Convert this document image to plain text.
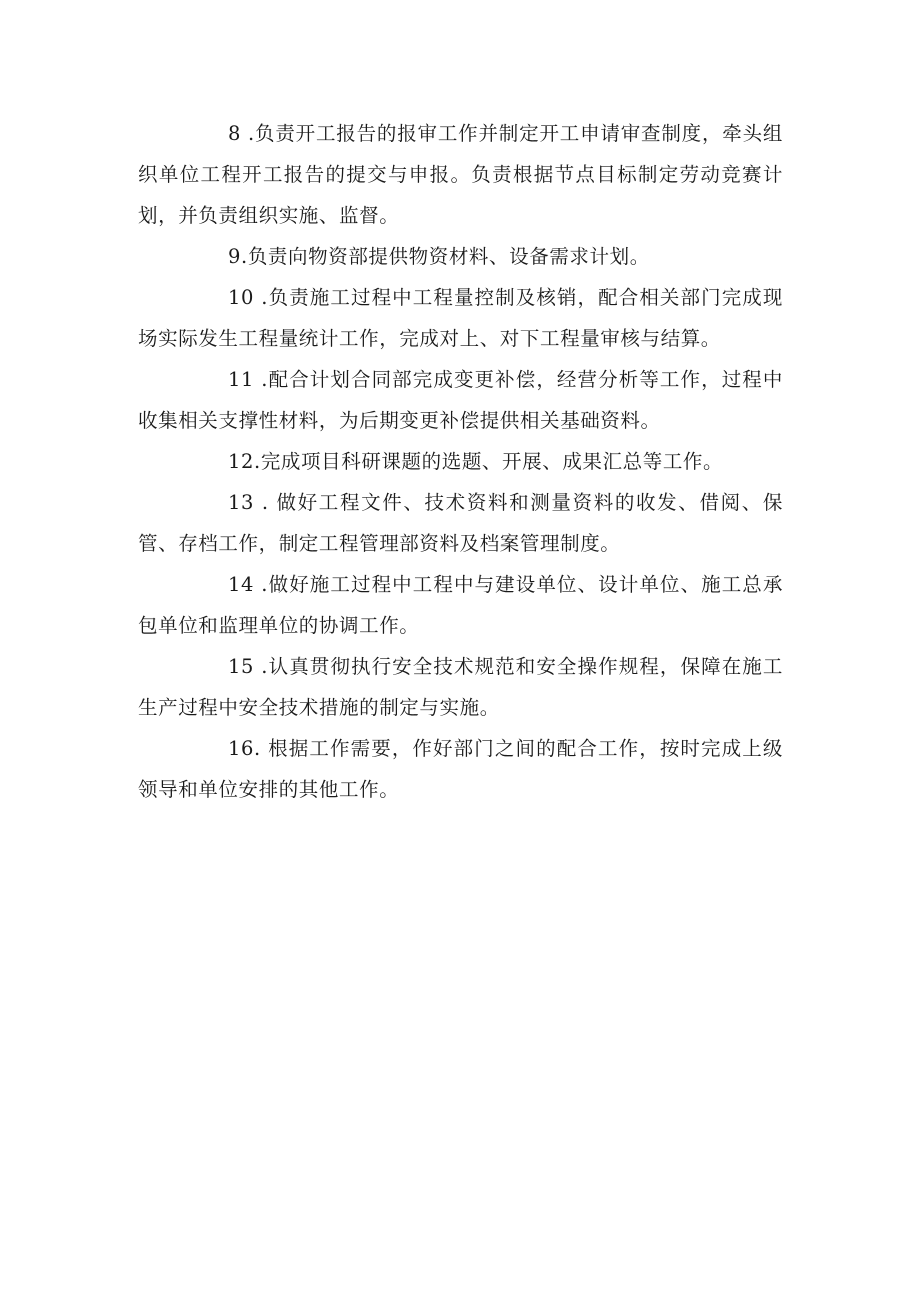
8 .负责开工报告的报审工作并制定开工申请审查制度，牵头组织单位工程开工报告的提交与申报。负责根据节点目标制定劳动竞赛计划，并负责组织实施、监督。

9.负责向物资部提供物资材料、设备需求计划。

10 .负责施工过程中工程量控制及核销，配合相关部门完成现场实际发生工程量统计工作，完成对上、对下工程量审核与结算。

11 .配合计划合同部完成变更补偿，经营分析等工作，过程中收集相关支撑性材料，为后期变更补偿提供相关基础资料。

12.完成项目科研课题的选题、开展、成果汇总等工作。

13 . 做好工程文件、技术资料和测量资料的收发、借阅、保管、存档工作，制定工程管理部资料及档案管理制度。

14 .做好施工过程中工程中与建设单位、设计单位、施工总承包单位和监理单位的协调工作。

15 .认真贯彻执行安全技术规范和安全操作规程，保障在施工生产过程中安全技术措施的制定与实施。

16. 根据工作需要，作好部门之间的配合工作，按时完成上级领导和单位安排的其他工作。
